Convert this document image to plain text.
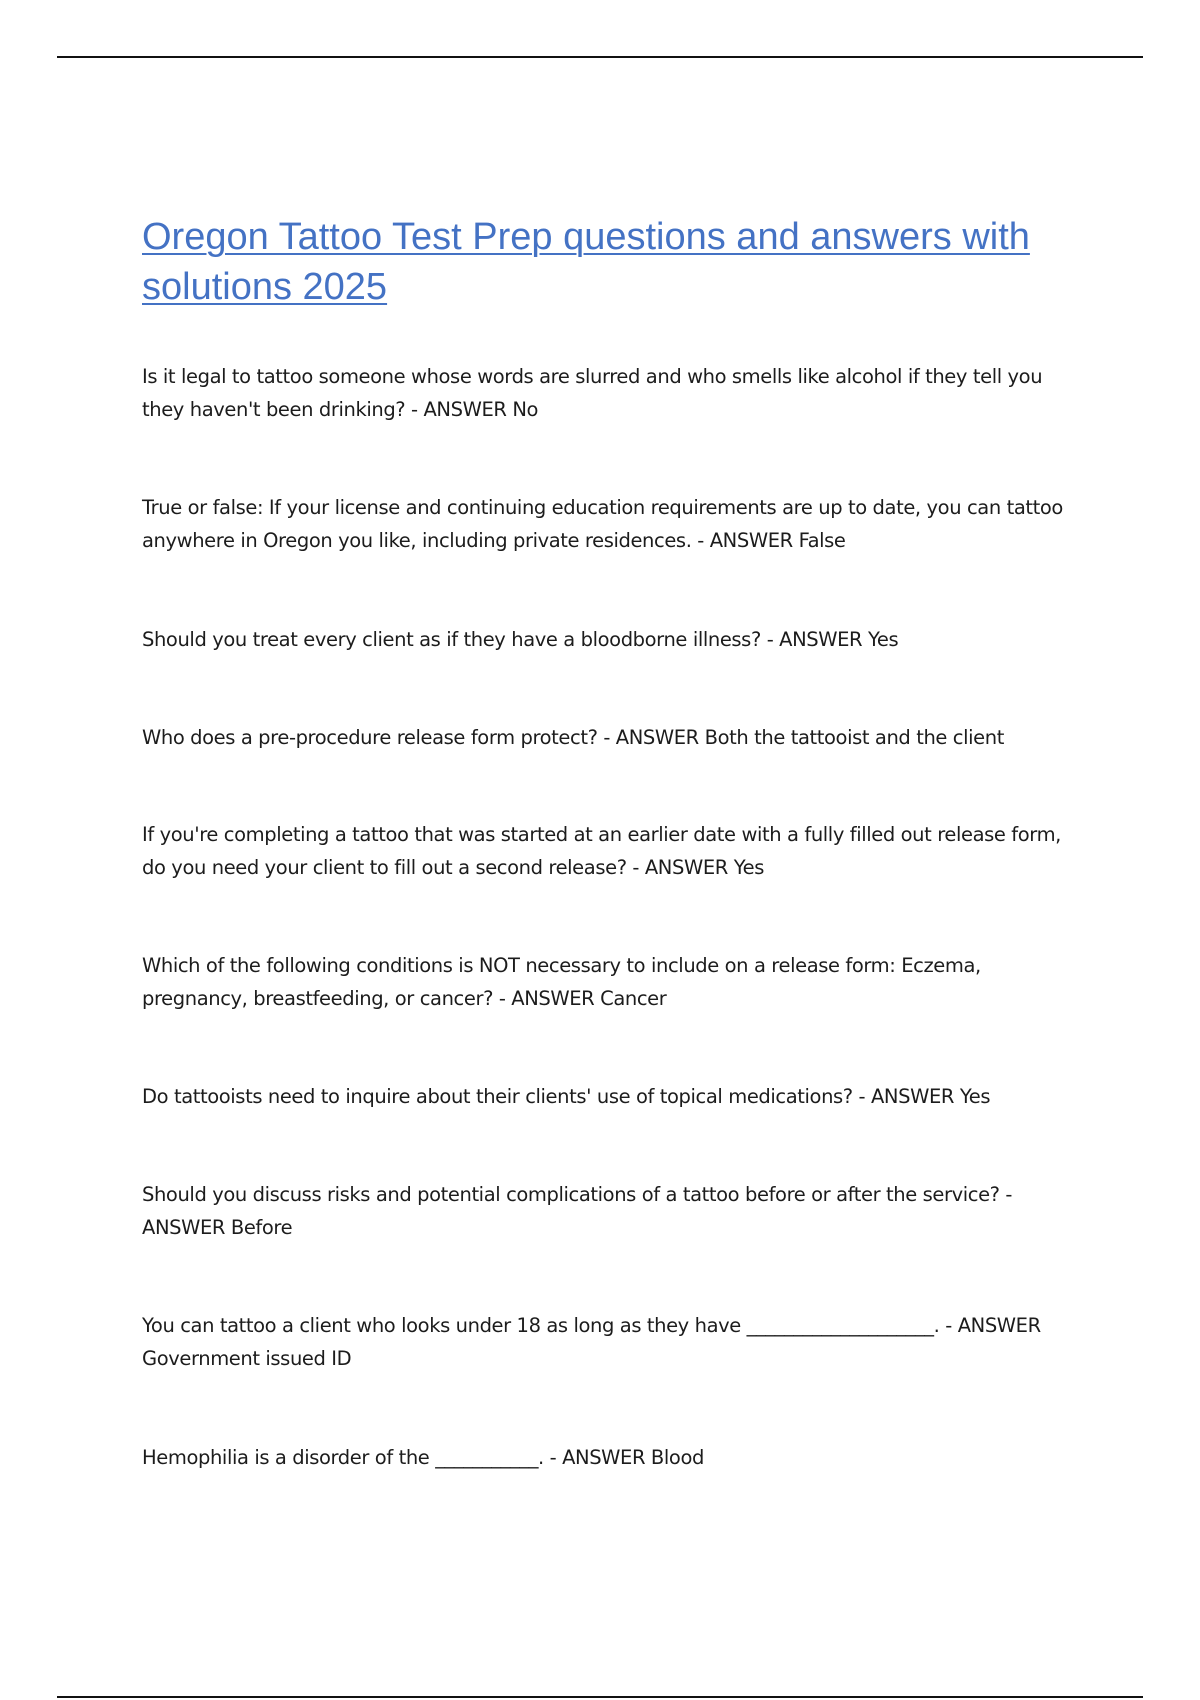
Oregon Tattoo Test Prep questions and answers with solutions 2025

Is it legal to tattoo someone whose words are slurred and who smells like alcohol if they tell you they haven't been drinking? - ANSWER No

True or false: If your license and continuing education requirements are up to date, you can tattoo anywhere in Oregon you like, including private residences. - ANSWER False

Should you treat every client as if they have a bloodborne illness? - ANSWER Yes

Who does a pre-procedure release form protect? - ANSWER Both the tattooist and the client

If you're completing a tattoo that was started at an earlier date with a fully filled out release form, do you need your client to fill out a second release? - ANSWER Yes

Which of the following conditions is NOT necessary to include on a release form: Eczema, pregnancy, breastfeeding, or cancer? - ANSWER Cancer

Do tattooists need to inquire about their clients' use of topical medications? - ANSWER Yes

Should you discuss risks and potential complications of a tattoo before or after the service? - ANSWER Before

You can tattoo a client who looks under 18 as long as they have ____________________. - ANSWER Government issued ID

Hemophilia is a disorder of the ___________. - ANSWER Blood
